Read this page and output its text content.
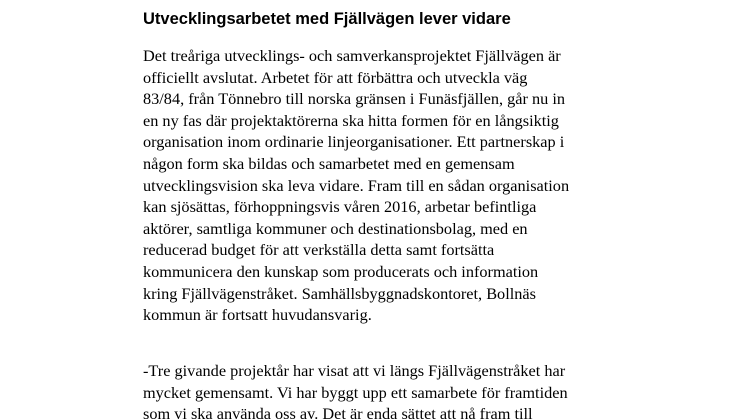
Utvecklingsarbetet med Fjällvägen lever vidare

Det treåriga utvecklings- och samverkansprojektet Fjällvägen är
officiellt avslutat. Arbetet för att förbättra och utveckla väg
83/84, från Tönnebro till norska gränsen i Funäsfjällen, går nu in
en ny fas där projektaktörerna ska hitta formen för en långsiktig
organisation inom ordinarie linjeorganisationer. Ett partnerskap i
någon form ska bildas och samarbetet med en gemensam
utvecklingsvision ska leva vidare. Fram till en sådan organisation
kan sjösättas, förhoppningsvis våren 2016, arbetar befintliga
aktörer, samtliga kommuner och destinationsbolag, med en
reducerad budget för att verkställa detta samt fortsätta
kommunicera den kunskap som producerats och information
kring Fjällvägenstråket. Samhällsbyggnadskontoret, Bollnäs
kommun är fortsatt huvudansvarig.

-Tre givande projektår har visat att vi längs Fjällvägenstråket har
mycket gemensamt. Vi har byggt upp ett samarbete för framtiden
som vi ska använda oss av. Det är enda sättet att nå fram till
